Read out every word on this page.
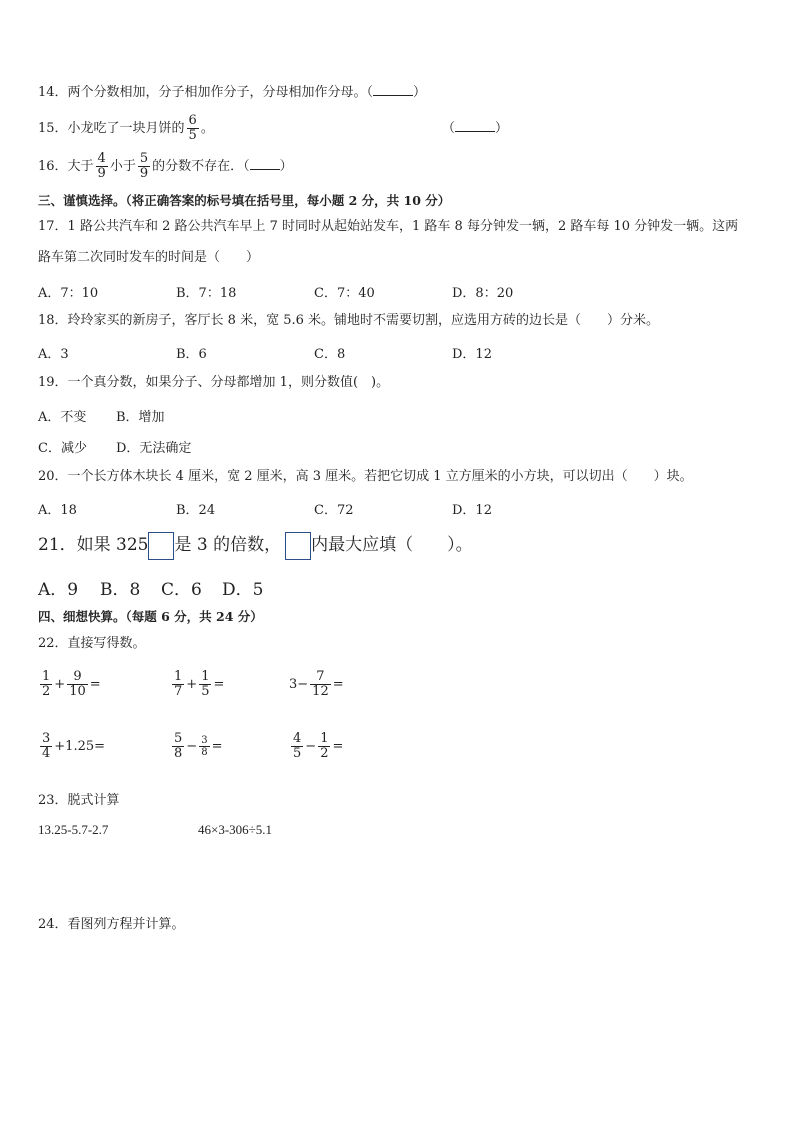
14．两个分数相加，分子相加作分子，分母相加作分母。（	）
15．小龙吃了一块月饼的 $\frac{6}{5}$ 。	（	）
16．大于 $\frac{4}{9}$ 小于 $\frac{5}{9}$ 的分数不存在．（ ）
三、谨慎选择。（将正确答案的标号填在括号里，每小题 2 分，共 10 分）
17．1 路公共汽车和 2 路公共汽车早上 7 时同时从起始站发车，1 路车 8 每分钟发一辆，2 路车每 10 分钟发一辆。这两
路车第二次同时发车的时间是（　　）
A．7：10	B．7：18	C．7：40	D．8：20
18．玲玲家买的新房子，客厅长 8 米，宽 5.6 米。铺地时不需要切割，应选用方砖的边长是（　　）分米。
A．3	B．6	C．8	D．12
19．一个真分数，如果分子、分母都增加 1，则分数值(　)。
A．不变 B．增加
C．减少 D．无法确定
20．一个长方体木块长 4 厘米，宽 2 厘米，高 3 厘米。若把它切成 1 立方厘米的小方块，可以切出（　　）块。
A．18	B．24	C．72	D．12
21．如果 325 是 3 的倍数， 内最大应填（　　）。
A．9 B．8 C．6 D．5
四、细想快算。（每题 6 分，共 24 分）
22．直接写得数。
$\frac{1}{2} + \frac{9}{10}$ =	$\frac{1}{7} + \frac{1}{5}$ =	$3- \frac{7}{12}$ =
$\frac{3}{4} +1.25=$	$\frac{5}{8} - \frac{3}{8}$ =	$\frac{4}{5} - \frac{1}{2}$ =
23．脱式计算
13.25-5.7-2.7	46×3-306÷5.1
24．看图列方程并计算。
